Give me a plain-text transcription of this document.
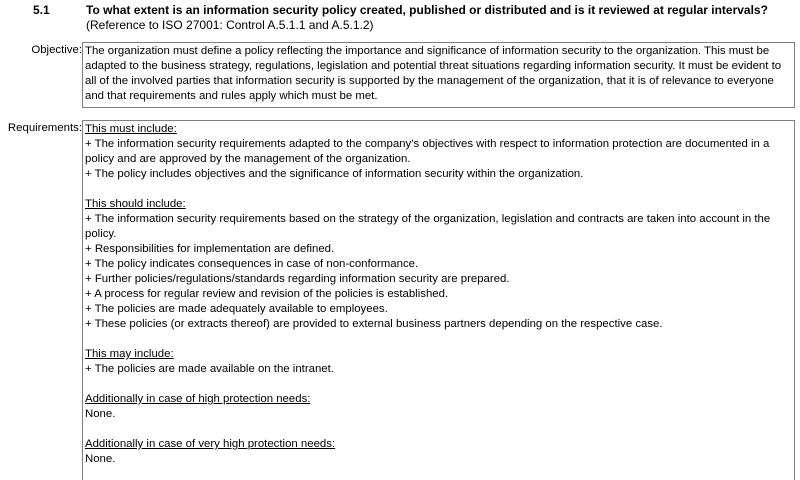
5.1	To what extent is an information security policy created, published or distributed and is it reviewed at regular intervals?
(Reference to ISO 27001: Control A.5.1.1 and A.5.1.2)
Objective: The organization must define a policy reflecting the importance and significance of information security to the organization. This must be adapted to the business strategy, regulations, legislation and potential threat situations regarding information security. It must be evident to all of the involved parties that information security is supported by the management of the organization, that it is of relevance to everyone and that requirements and rules apply which must be met.
Requirements: This must include:
+ The information security requirements adapted to the company’s objectives with respect to information protection are documented in a policy and are approved by the management of the organization.
+ The policy includes objectives and the significance of information security within the organization.
This should include:
+ The information security requirements based on the strategy of the organization, legislation and contracts are taken into account in the policy.
+ Responsibilities for implementation are defined.
+ The policy indicates consequences in case of non-conformance.
+ Further policies/regulations/standards regarding information security are prepared.
+ A process for regular review and revision of the policies is established.
+ The policies are made adequately available to employees.
+ These policies (or extracts thereof) are provided to external business partners depending on the respective case.
This may include:
+ The policies are made available on the intranet.
Additionally in case of high protection needs:
None.
Additionally in case of very high protection needs:
None.
